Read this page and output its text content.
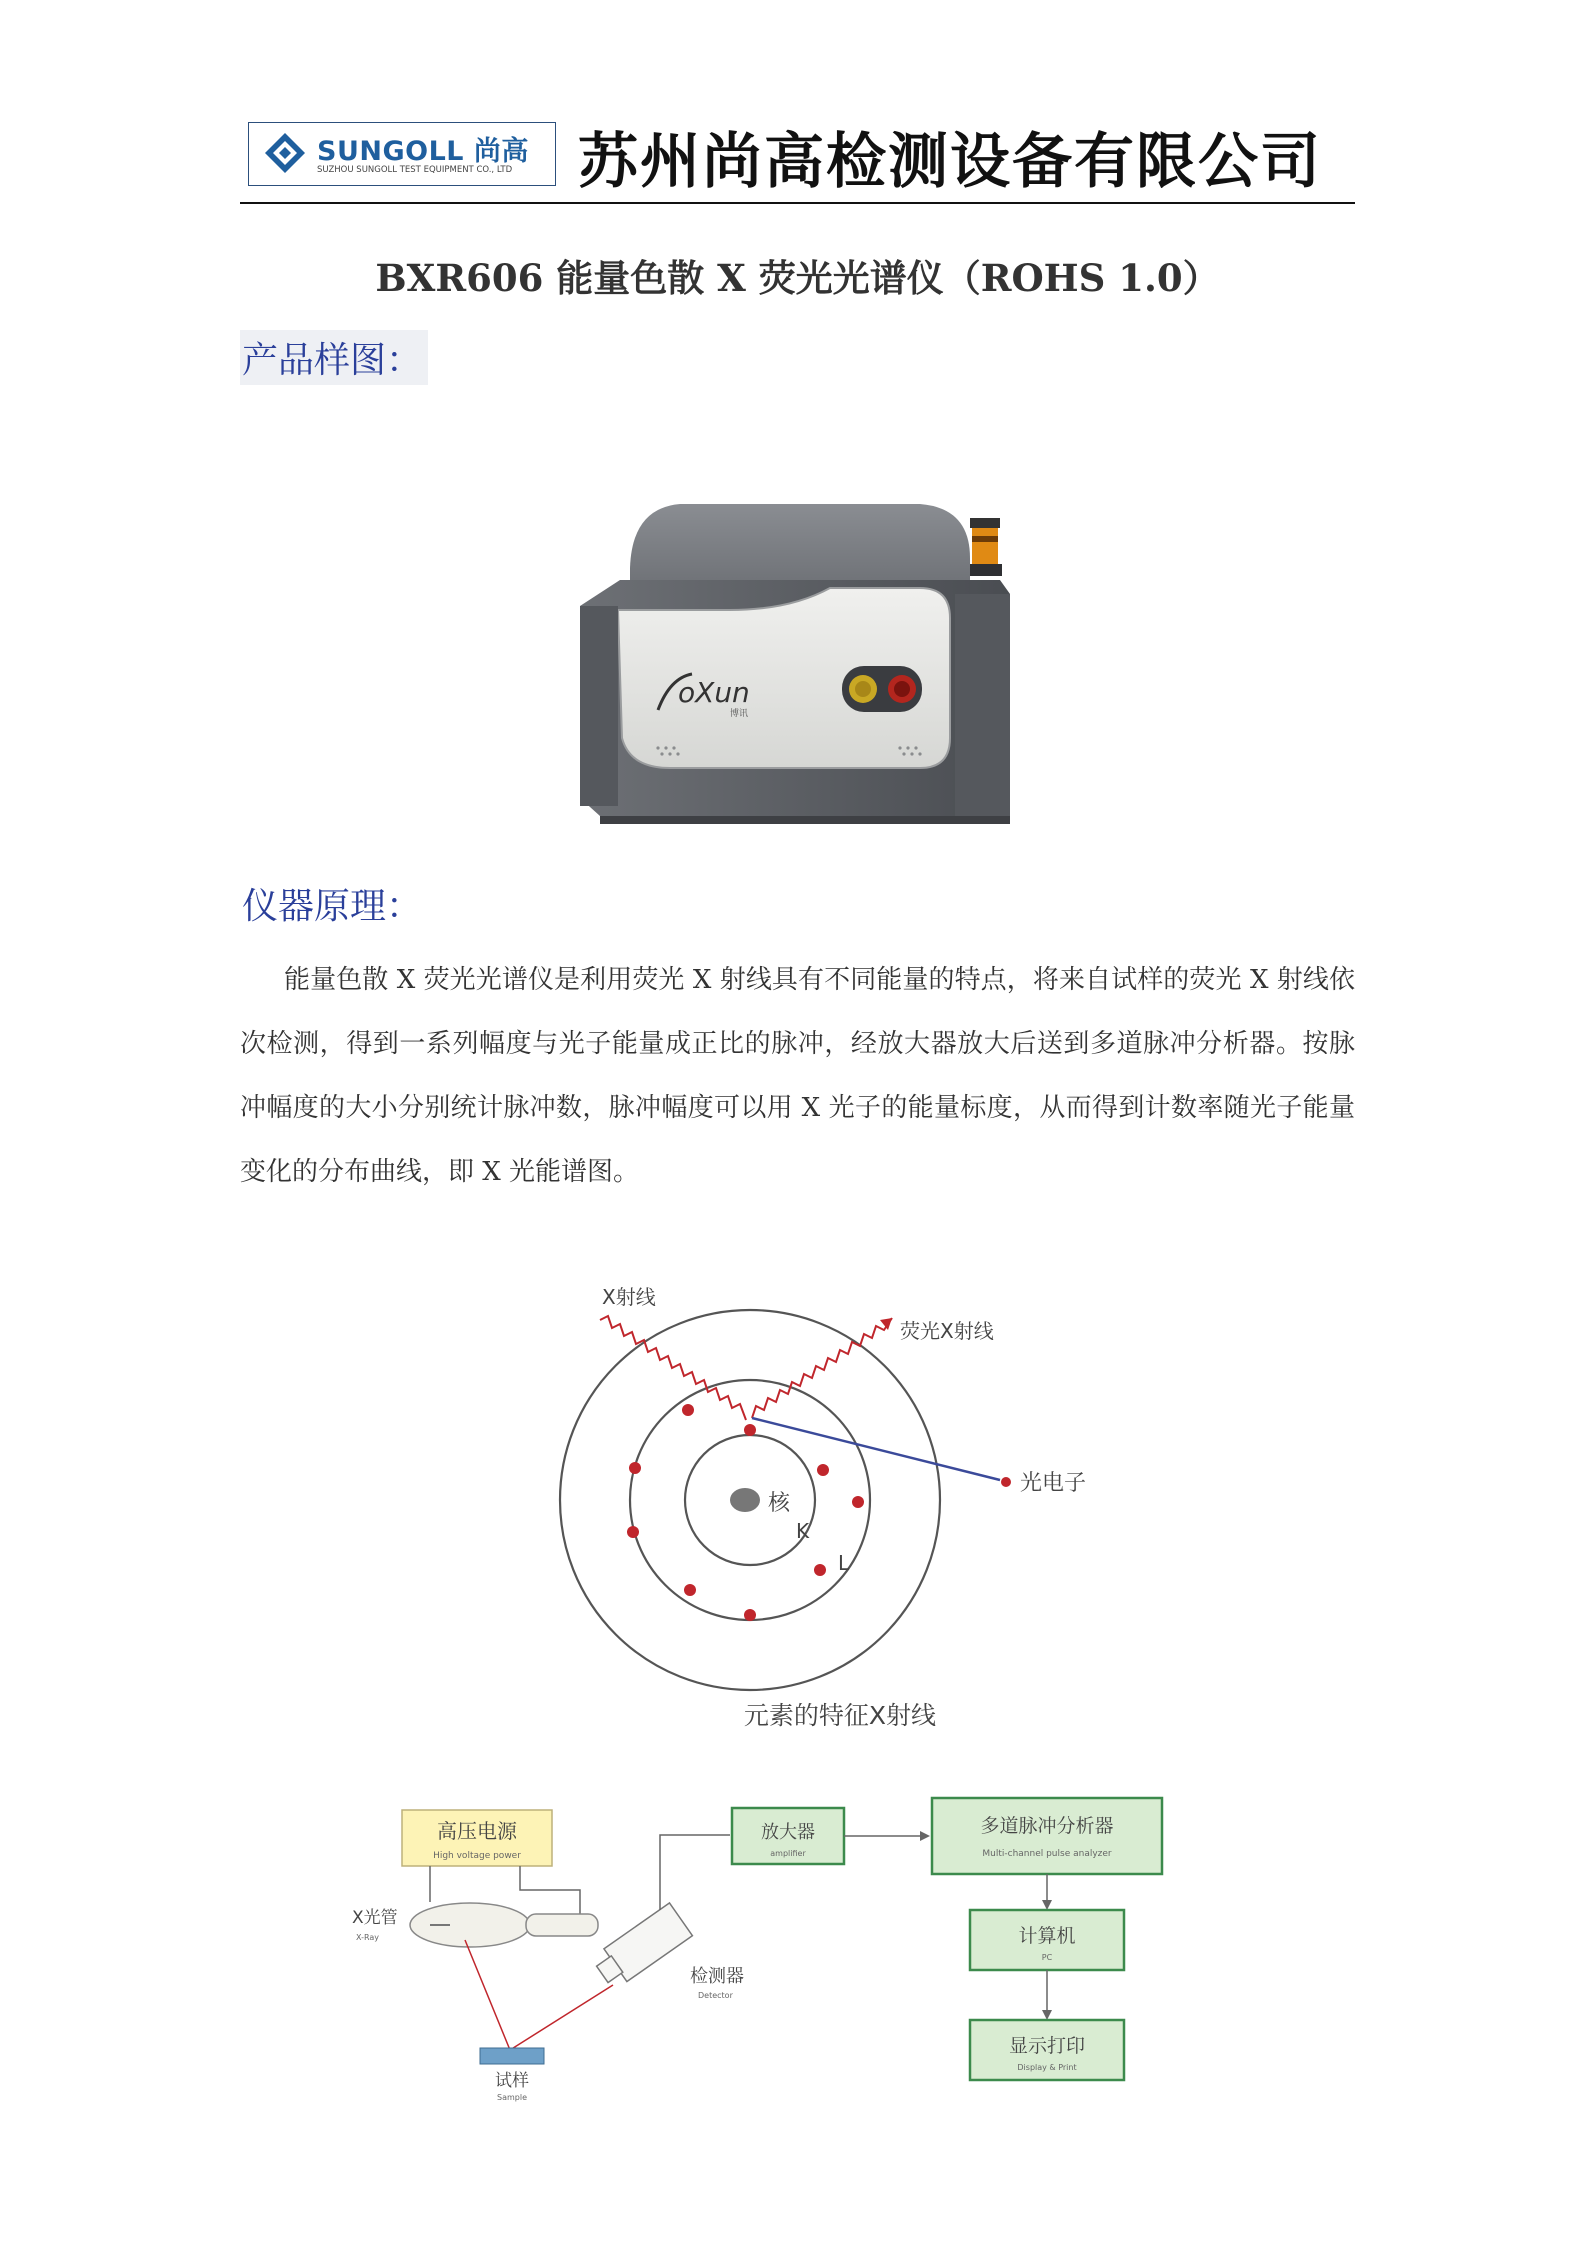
SUNGOLL 尚高
SUZHOU SUNGOLL TEST EQUIPMENT CO., LTD 苏州尚高检测设备有限公司
BXR606 能量色散 X 荧光光谱仪（ROHS 1.0）
产品样图：
oXun
博讯
仪器原理：

能量色散 X 荧光光谱仪是利用荧光 X 射线具有不同能量的特点，将来自试样的荧光 X 射线依次检测，得到一系列幅度与光子能量成正比的脉冲，经放大器放大后送到多道脉冲分析器。按脉冲幅度的大小分别统计脉冲数，脉冲幅度可以用 X 光子的能量标度，从而得到计数率随光子能量变化的分布曲线，即 X 光能谱图。

核
K
L
X射线
荧光X射线
光电子
元素的特征X射线
高压电源
High voltage power
X光管
X-Ray
试样
Sample
检测器
Detector
放大器
amplifier
多道脉冲分析器
Multi-channel pulse analyzer
计算机
PC
显示打印
Display & Print
